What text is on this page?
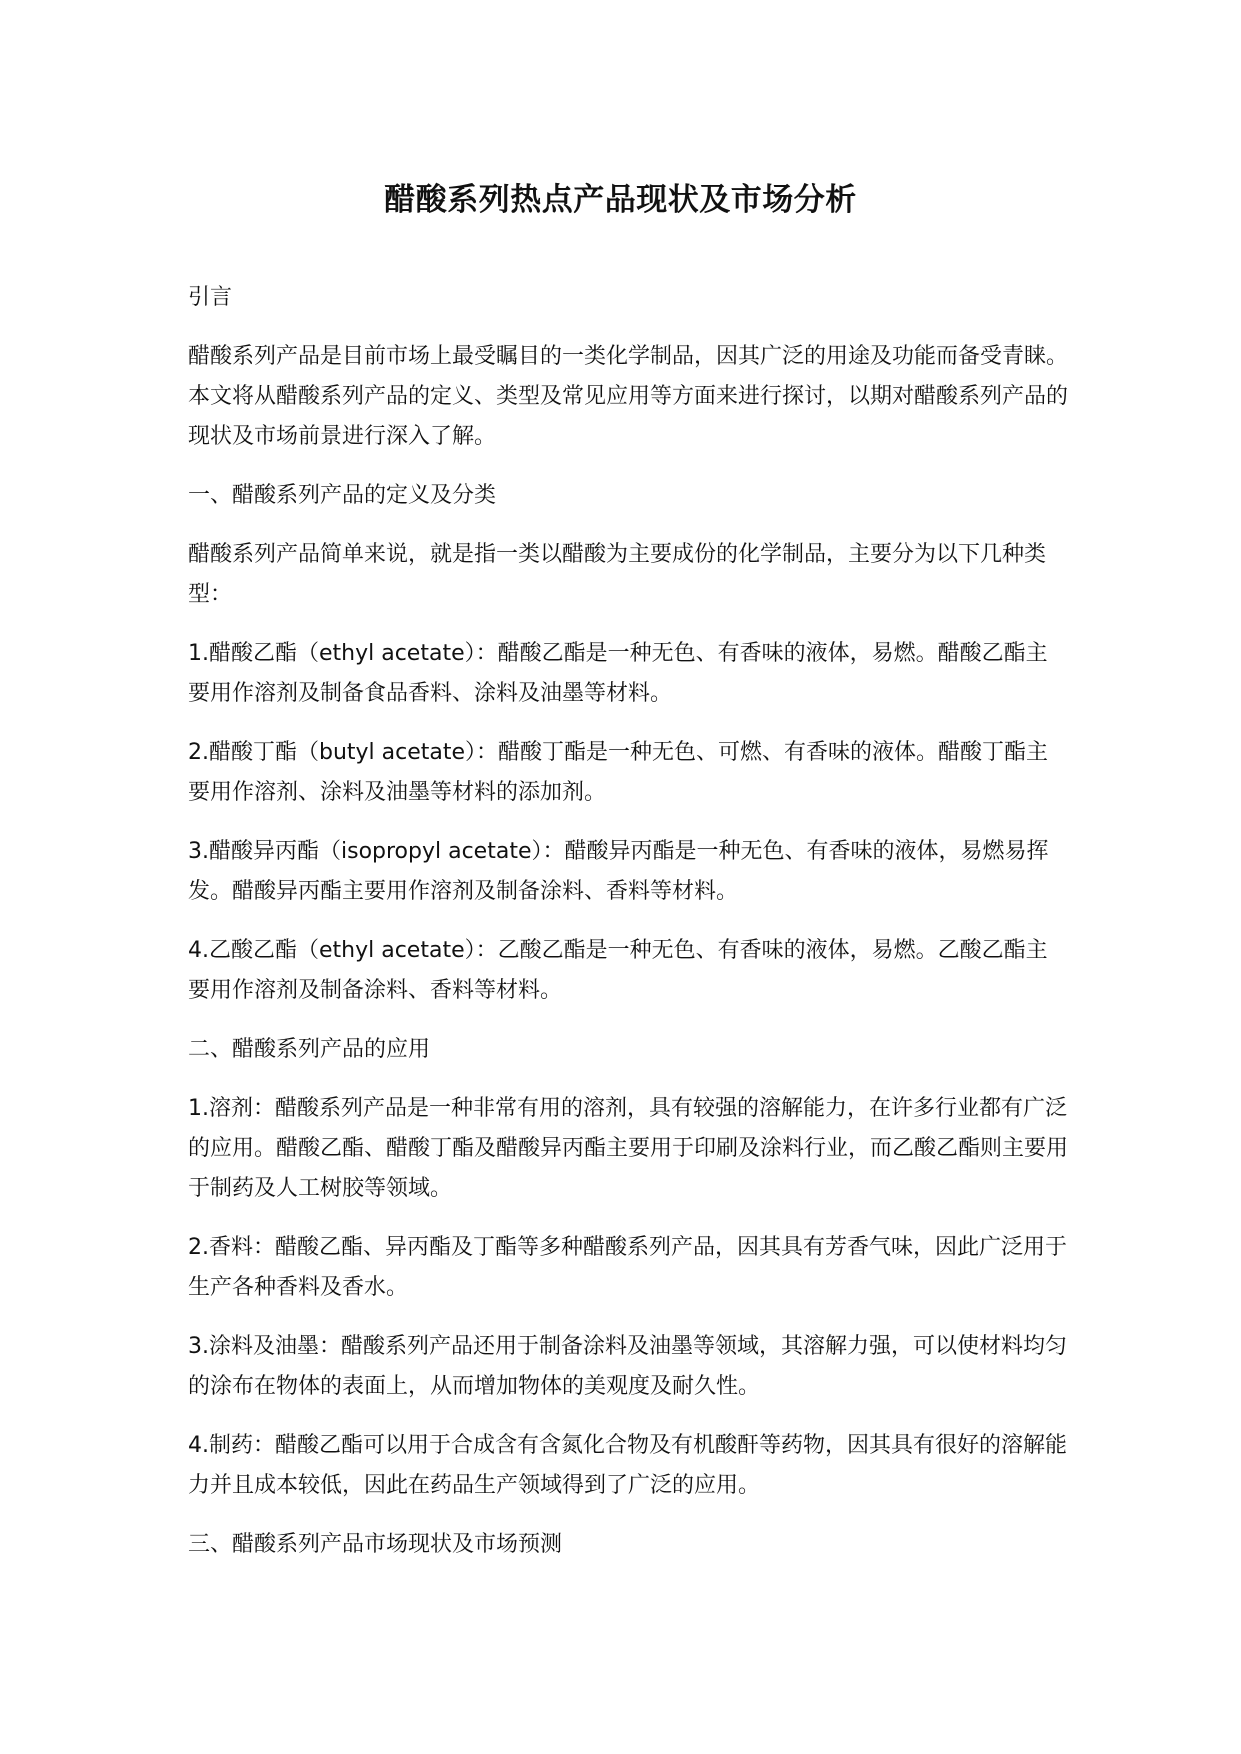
醋酸系列热点产品现状及市场分析

引言

醋酸系列产品是目前市场上最受瞩目的一类化学制品，因其广泛的用途及功能而备受青睐。本文将从醋酸系列产品的定义、类型及常见应用等方面来进行探讨，以期对醋酸系列产品的现状及市场前景进行深入了解。

一、醋酸系列产品的定义及分类

醋酸系列产品简单来说，就是指一类以醋酸为主要成份的化学制品，主要分为以下几种类型：

1.醋酸乙酯（ethyl acetate）：醋酸乙酯是一种无色、有香味的液体，易燃。醋酸乙酯主要用作溶剂及制备食品香料、涂料及油墨等材料。

2.醋酸丁酯（butyl acetate）：醋酸丁酯是一种无色、可燃、有香味的液体。醋酸丁酯主要用作溶剂、涂料及油墨等材料的添加剂。

3.醋酸异丙酯（isopropyl acetate）：醋酸异丙酯是一种无色、有香味的液体，易燃易挥发。醋酸异丙酯主要用作溶剂及制备涂料、香料等材料。

4.乙酸乙酯（ethyl acetate）：乙酸乙酯是一种无色、有香味的液体，易燃。乙酸乙酯主要用作溶剂及制备涂料、香料等材料。

二、醋酸系列产品的应用

1.溶剂：醋酸系列产品是一种非常有用的溶剂，具有较强的溶解能力，在许多行业都有广泛的应用。醋酸乙酯、醋酸丁酯及醋酸异丙酯主要用于印刷及涂料行业，而乙酸乙酯则主要用于制药及人工树胶等领域。

2.香料：醋酸乙酯、异丙酯及丁酯等多种醋酸系列产品，因其具有芳香气味，因此广泛用于生产各种香料及香水。

3.涂料及油墨：醋酸系列产品还用于制备涂料及油墨等领域，其溶解力强，可以使材料均匀的涂布在物体的表面上，从而增加物体的美观度及耐久性。

4.制药：醋酸乙酯可以用于合成含有含氮化合物及有机酸酐等药物，因其具有很好的溶解能力并且成本较低，因此在药品生产领域得到了广泛的应用。

三、醋酸系列产品市场现状及市场预测
